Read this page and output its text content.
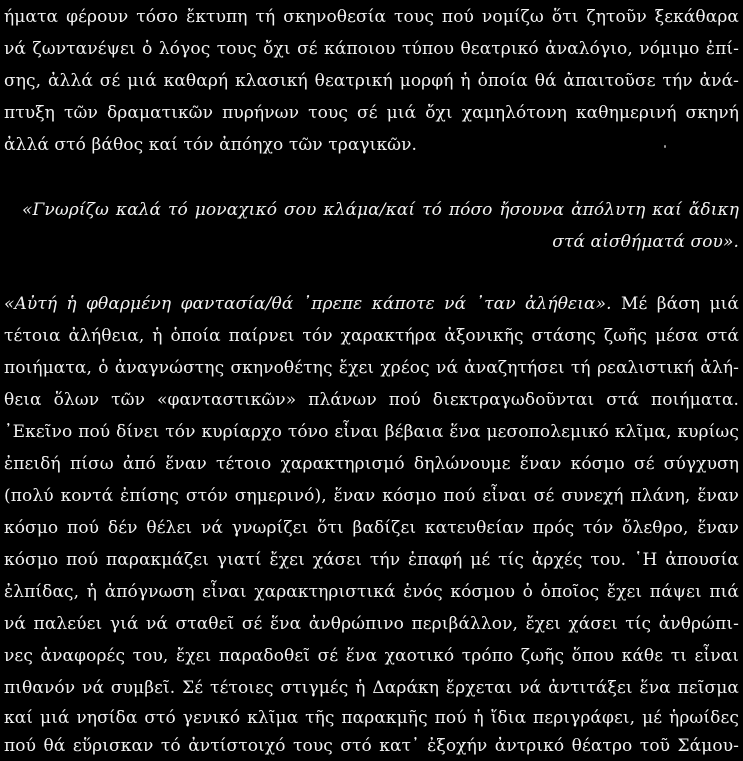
ήματα φέρουν τόσο ἔκτυπη τή σκηνοθεσία τους πού νομίζω ὅτι ζητοῦν ξεκάθαρα
νά ζωντανέψει ὁ λόγος τους ὄχι σέ κάποιου τύπου θεατρικό ἀναλόγιο, νόμιμο ἐπί-
σης, ἀλλά σέ μιά καθαρή κλασική θεατρική μορφή ἡ ὁποία θά ἀπαιτοῦσε τήν ἀνά-
πτυξη τῶν δραματικῶν πυρήνων τους σέ μιά ὄχι χαμηλότονη καθημερινή σκηνή
ἀλλά στό βάθος καί τόν ἀπόηχο τῶν τραγικῶν.
«Γνωρίζω καλά τό μοναχικό σου κλάμα/καί τό πόσο ἤσουνα ἀπόλυτη καί ἄδικη
στά αἰσθήματά σου».
«Αὐτή ἡ φθαρμένη φαντασία/θά ᾽πρεπε κάποτε νά ᾽ταν ἀλήθεια». Μέ βάση μιά
τέτοια ἀλήθεια, ἡ ὁποία παίρνει τόν χαρακτήρα ἀξονικῆς στάσης ζωῆς μέσα στά
ποιήματα, ὁ ἀναγνώστης σκηνοθέτης ἔχει χρέος νά ἀναζητήσει τή ρεαλιστική ἀλή-
θεια ὅλων τῶν «φανταστικῶν» πλάνων πού διεκτραγωδοῦνται στά ποιήματα.
᾽Εκεῖνο πού δίνει τόν κυρίαρχο τόνο εἶναι βέβαια ἕνα μεσοπολεμικό κλῖμα, κυρίως
ἐπειδή πίσω ἀπό ἕναν τέτοιο χαρακτηρισμό δηλώνουμε ἕναν κόσμο σέ σύγχυση
(πολύ κοντά ἐπίσης στόν σημερινό), ἕναν κόσμο πού εἶναι σέ συνεχή πλάνη, ἕναν
κόσμο πού δέν θέλει νά γνωρίζει ὅτι βαδίζει κατευθείαν πρός τόν ὄλεθρο, ἕναν
κόσμο πού παρακμάζει γιατί ἔχει χάσει τήν ἐπαφή μέ τίς ἀρχές του. ῾Η ἀπουσία
ἐλπίδας, ἡ ἀπόγνωση εἶναι χαρακτηριστικά ἑνός κόσμου ὁ ὁποῖος ἔχει πάψει πιά
νά παλεύει γιά νά σταθεῖ σέ ἕνα ἀνθρώπινο περιβάλλον, ἔχει χάσει τίς ἀνθρώπι-
νες ἀναφορές του, ἔχει παραδοθεῖ σέ ἕνα χαοτικό τρόπο ζωῆς ὅπου κάθε τι εἶναι
πιθανόν νά συμβεῖ. Σέ τέτοιες στιγμές ἡ Δαράκη ἔρχεται νά ἀντιτάξει ἕνα πεῖσμα
καί μιά νησίδα στό γενικό κλῖμα τῆς παρακμῆς πού ἡ ἴδια περιγράφει, μέ ἡρωίδες
πού θά εὕρισκαν τό ἀντίστοιχό τους στό κατ᾽ ἐξοχήν ἀντρικό θέατρο τοῦ Σάμου-
